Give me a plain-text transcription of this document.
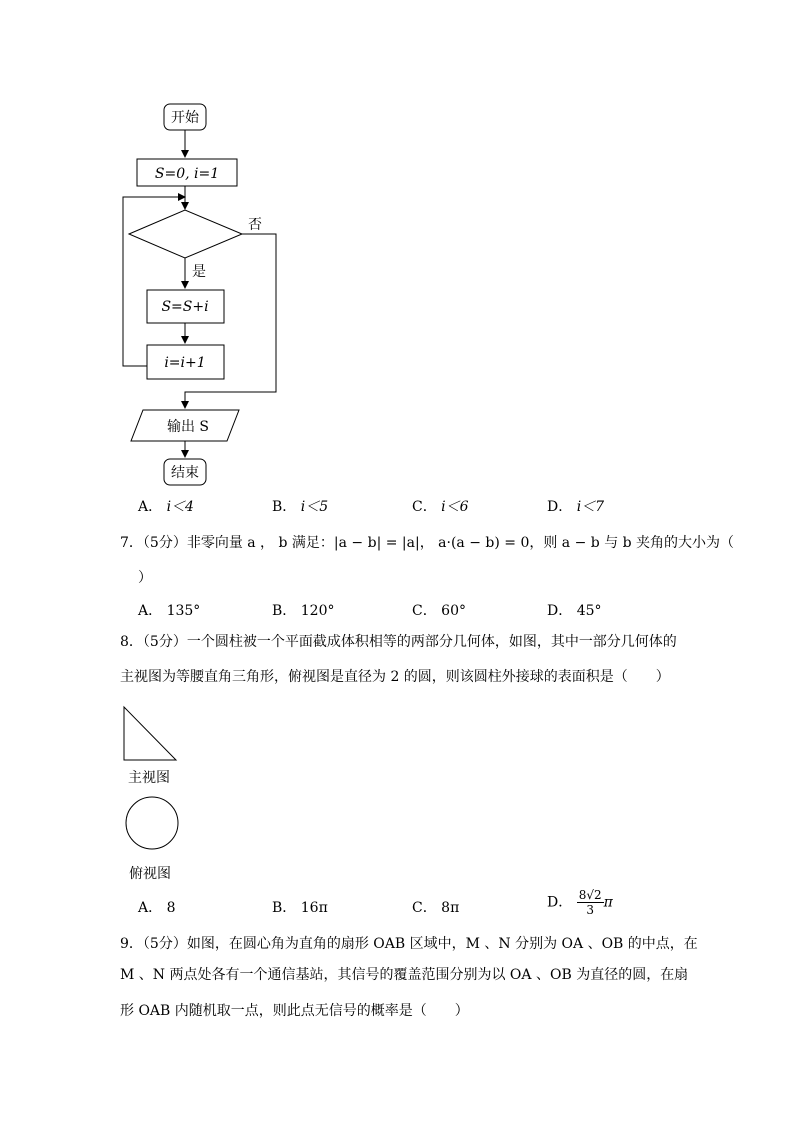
开始
S=0, i=1
否
是
S=S+i
i=i+1
输出 S
结束
A． i＜4	B． i＜5	C． i＜6	D． i＜7
7．（5分）非零向量 a ， b 满足：|a − b| = |a|， a·(a − b) = 0，则 a − b 与 b 夹角的大小为（
）
A． 135°	B． 120°	C． 60°	D． 45°
8．（5分）一个圆柱被一个平面截成体积相等的两部分几何体，如图，其中一部分几何体的
主视图为等腰直角三角形，俯视图是直径为 2 的圆，则该圆柱外接球的表面积是（　　）
主视图
俯视图
A． 8	B． 16π	C． 8π	D． $\frac{8√2}{3}$ π
9．（5分）如图，在圆心角为直角的扇形 OAB 区域中，M 、N 分别为 OA 、OB 的中点，在
M 、N 两点处各有一个通信基站，其信号的覆盖范围分别为以 OA 、OB 为直径的圆，在扇
形 OAB 内随机取一点，则此点无信号的概率是（　　）
